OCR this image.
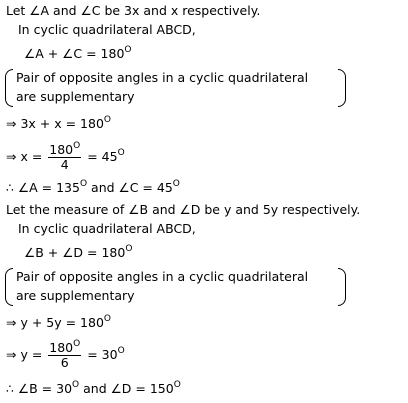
Let ∠A and ∠C be 3x and x respectively.
In cyclic quadrilateral ABCD,
∠A + ∠C = $180^O$
Pair of opposite angles in a cyclic quadrilateral
are supplementary
⇒ $3x + x = 180^O$
⇒ $x = \frac{180^O}{4} = 45^O$
∴ ∠A = $135^O$ and ∠C = $45^O$
Let the measure of ∠B and ∠D be y and 5y respectively.
In cyclic quadrilateral ABCD,
∠B + ∠D = $180^O$
Pair of opposite angles in a cyclic quadrilateral
are supplementary
⇒ $y + 5y = 180^O$
⇒ $y = \frac{180^O}{6} = 30^O$
∴ ∠B = $30^O$ and ∠D = $150^O$
